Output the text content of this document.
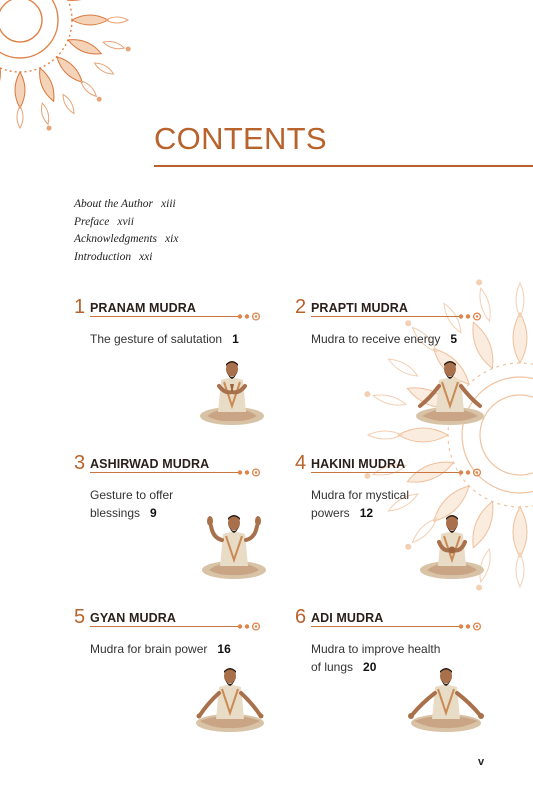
CONTENTS
About the Author xiii
Preface xvii
Acknowledgments xix
Introduction xxi
1 PRANAM MUDRA
The gesture of salutation 1
2 PRAPTI MUDRA
Mudra to receive energy 5
3 ASHIRWAD MUDRA
Gesture to offer blessings 9
4 HAKINI MUDRA
Mudra for mystical powers 12
5 GYAN MUDRA
Mudra for brain power 16
6 ADI MUDRA
Mudra to improve health of lungs 20
v
